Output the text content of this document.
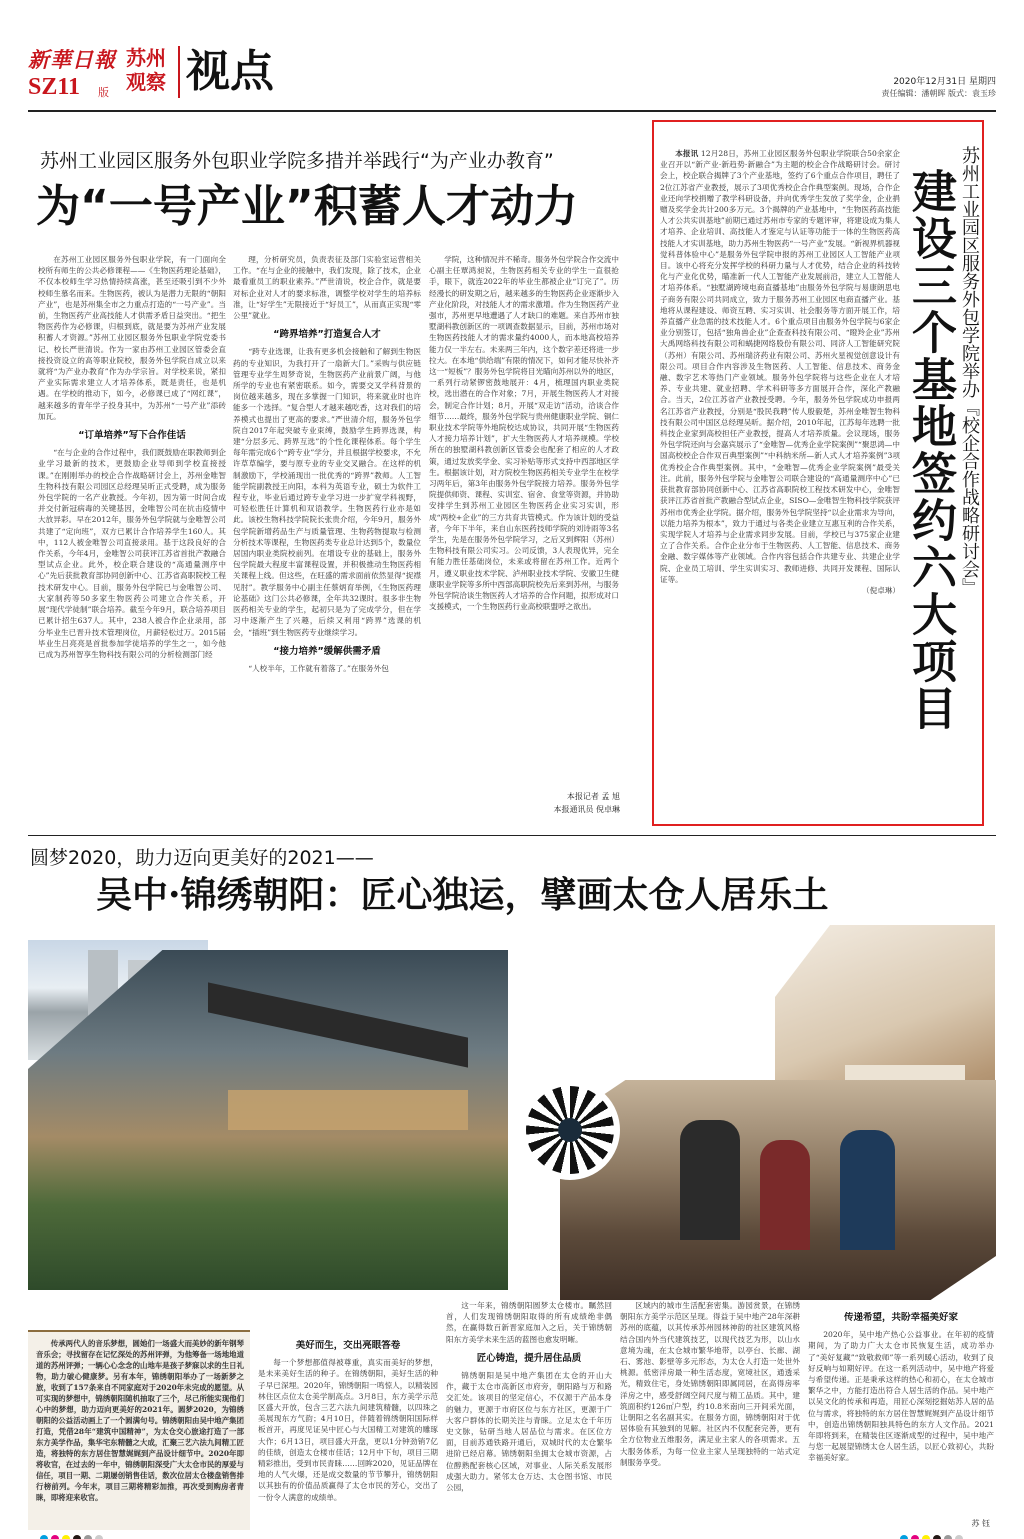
新華日報
SZ11 版
苏州
观察 视点	2020年12月31日 星期四
责任编辑：潘朝晖 版式：袁玉珍
苏州工业园区服务外包职业学院多措并举践行“为产业办教育”
为“一号产业”积蓄人才动力

在苏州工业园区服务外包职业学院，有一门面向全校所有师生的公共必修课程——《生物医药理论基础》，不仅本校师生学习热情持续高涨，甚至还吸引到不少外校师生慕名而来。生物医药，被认为是潜力无限的“朝阳产业”，也是苏州集全市之力重点打造的“一号产业”。当前，生物医药产业高技能人才供需矛盾日益突出。“把生物医药作为必修课，归根到底，就是要为苏州产业发展积蓄人才资源。”苏州工业园区服务外包职业学院党委书记、校长严世清说。作为一家由苏州工业园区管委会直接投资设立的高等职业院校，服务外包学院自成立以来就将“为产业办教育”作为办学宗旨。对学校来说，紧扣产业实际需求建立人才培养体系，既是责任，也是机遇。在学校的推动下，如今，必修课已成了“网红课”，越来越多的青年学子投身其中，为苏州“一号产业”添砖加瓦。

“订单培养”写下合作佳话

“在与企业的合作过程中，我们既鼓励在职教师到企业学习最新的技术，更鼓励企业导师到学校直接授课。”在刚刚举办的校企合作战略研讨会上，苏州金唯智生物科技有限公司园区总经理吴昕正式受聘，成为服务外包学院的一名产业教授。今年初，因为第一时间合成并交付新冠病毒的关键基因，金唯智公司在抗击疫情中大放异彩。早在2012年，服务外包学院就与金唯智公司共建了“定向班”，双方已累计合作培养学生160人。其中，112人被金唯智公司直接录用。基于这段良好的合作关系，今年4月，金唯智公司获评江苏省首批产教融合型试点企业。此外，校企联合建设的“高通量测序中心”先后获批教育部协同创新中心、江苏省高职院校工程技术研发中心。目前，服务外包学院已与金唯智公司、大家制药等50多家生物医药公司建立合作关系，开展“现代学徒制”联合培养。截至今年9月，联合培养项目已累计招生637人。其中，238人被合作企业录用，部分毕业生已晋升技术管理岗位，月薪轻松过万。2015届毕业生吕亮亮是首批参加学徒培养的学生之一，如今他已成为苏州智享生物科技有限公司的分析检测部门经

理，分析研究员，负责表征及部门实验室运营相关工作。“在与企业的接触中，我们发现，除了技术，企业最看重员工的职业素养。”严世清说，校企合作，就是要对标企业对人才的要求标准，调整学校对学生的培养标准，让“好学生”无限接近于“好员工”，从而真正实现“零公里”就业。

“跨界培养”打造复合人才

“跨专业选课，让我有更多机会接触和了解到生物医药的专业知识，为我打开了一扇新大门。”采购与供应链管理专业学生周梦奇说，生物医药产业前景广阔，与他所学的专业也有紧密联系。如今，需要交叉学科背景的岗位越来越多，现在多掌握一门知识，将来就业时也许能多一个选择。“复合型人才越来越吃香，这对我们的培养模式也提出了更高的要求。”严世清介绍，服务外包学院自2017年起突破专业束缚，鼓励学生跨界选课，构建“分层多元、跨界互选”的个性化课程体系。每个学生每年需完成6个“跨专业”学分，并且根据学校要求，不允许草草编学，要与原专业的专业交叉融合。在这样的机制激励下，学校涌现出一批优秀的“跨界”教师。人工智能学院副教授王向阳，本科为英语专业，硕士为软件工程专业，毕业后通过跨专业学习进一步扩宽学科视野，可轻松胜任计算机和双语教学。生物医药行业亦是如此。该校生物科技学院院长张贵介绍，今年9月，服务外包学院新增药品生产与质量管理、生物药物提取与检测分析技术等课程，生物医药类专业总计达到5个，数量位居国内职业类院校前列。在增设专业的基础上，服务外包学院最大程度丰富课程设置，并积极推动生物医药相关课程上线。但这些，在旺盛的需求面前依然显得“捉襟见肘”。教学服务中心副主任蔡炳育举例，《生物医药理论基础》这门公共必修课，全年共32课时。很多非生物医药相关专业的学生，起初只是为了完成学分，但在学习中逐渐产生了兴趣，后续又利用“跨界”选课的机会，“插班”到生物医药专业继续学习。

“接力培养”缓解供需矛盾

“人校半年，工作就有着落了。”在服务外包

学院，这种情况并不稀奇。服务外包学院合作交流中心副主任覃鸿昶说，生物医药相关专业的学生一直很抢手，眼下，就连2022年的毕业生都被企业“订完了”。历经漫长的研发期之后，越来越多的生物医药企业逐渐步入产业化阶段，对技能人才的需求激增。作为生物医药产业强市，苏州更早地遭遇了人才缺口的难题。来自苏州市独墅湖科教创新区的一项调查数据显示，目前，苏州市场对生物医药技能人才的需求量约4000人，而本地高校培养能力仅一半左右。未来两三年内，这个数字差还将进一步拉大。在本地“供给端”有限的情况下，如何才能尽快补齐这一“短板”？服务外包学院将目光瞄向苏州以外的地区，一系列行动紧锣密鼓地展开：4月，梳理国内职业类院校，选出潜在的合作对象；7月，开展生物医药人才对接会，制定合作计划；8月，开展“双走访”活动，洽谈合作细节……最终，服务外包学院与贵州健康职业学院、铜仁职业技术学院等外地院校达成协议，共同开展“生物医药人才接力培养计划”，扩大生物医药人才培养规模。学校所在的独墅湖科教创新区管委会也配套了相应的人才政策，通过发放奖学金、实习补贴等形式支持中西部地区学生。根据该计划，对方院校生物医药相关专业学生在校学习两年后，第3年由服务外包学院接力培养。服务外包学院提供师资、课程、实训室、宿舍、食堂等资源，并协助安排学生到苏州工业园区生物医药企业实习实训，形成“两校+企业”的三方共育共管模式。作为该计划的受益者，今年下半年，来自山东医药技师学院的刘诗雨等3名学生，先是在服务外包学院学习，之后又到辉阳（苏州）生物科技有限公司实习。公司反馈，3人表现优异，完全有能力胜任基础岗位，未来或将留在苏州工作。近两个月，遵义职业技术学院、泸州职业技术学院、安徽卫生健康职业学院等多所中西部高职院校先后来到苏州，与服务外包学院洽谈生物医药人才培养的合作问题，拟形成对口支援模式，一个生物医药行业高校联盟呼之欲出。

本报记者 孟 旭
本报通讯员 倪卓琳

本报讯 12月28日，苏州工业园区服务外包职业学院联合50余家企业召开以“新产业·新趋势·新融合”为主题的校企合作战略研讨会。研讨会上，校企联合揭牌了3个产业基地，签约了6个重点合作项目，聘任了2位江苏省产业教授，展示了3项优秀校企合作典型案例。现场，合作企业还向学校捐赠了教学科研设备，并向优秀学生发放了奖学金，企业捐赠及奖学金共计200多万元。3个揭牌的产业基地中，“生物医药高技能人才公共实训基地”前期已通过苏州市专家的专题评审，将建设成为集人才培养、企业培训、高技能人才鉴定与认证等功能于一体的生物医药高技能人才实训基地，助力苏州生物医药“一号产业”发展。“新视界机器视觉科普体验中心”是服务外包学院申报的苏州工业园区人工智能产业项目。该中心将充分发挥学校的科研力量与人才优势，结合企业的科技转化与产业化优势，瞄准新一代人工智能产业发展前沿，建立人工智能人才培养体系。“独墅湖跨境电商直播基地”由服务外包学院与易康朗思电子商务有限公司共同成立，致力于服务苏州工业园区电商直播产业。基地将从课程建设、师资互聘、实习实训、社会服务等方面开展工作，培养直播产业急需的技术技能人才。6个重点项目由服务外包学院与6家企业分别签订，包括“独角兽企业”企查查科技有限公司、“瞪羚企业”苏州大禹网络科技有限公司和蜗捷网络股份有限公司、同济人工智能研究院（苏州）有限公司、苏州瑞济药业有限公司、苏州火星视觉创意设计有限公司。项目合作内容涉及生物医药、人工智能、信息技术、商务金融、数字艺术等热门产业领域。服务外包学院将与这些企业在人才培养、专业共建、就业招聘、学术科研等多方面展开合作，深化产教融合。当天，2位江苏省产业教授受聘。今年，服务外包学院成功申报两名江苏省产业教授，分别是“股民我聘”传人殷毅楚，苏州金唯智生物科技有限公司中国区总经理吴昕。据介绍，2010年起，江苏每年选聘一批科技企业家到高校担任产业教授，提高人才培养质量。会议现场，服务外包学院还向与会嘉宾展示了“金唯智—优秀企业学院案例”“聚思鸿—中国高校校企合作双百典型案例”“中科纳米所—新人式人才培养案例”3项优秀校企合作典型案例。其中，“金唯智—优秀企业学院案例”最受关注。此前，服务外包学院与金唯智公司联合建设的“高通量测序中心”已获批教育部协同创新中心、江苏省高职院校工程技术研发中心，金唯智获评江苏省首批产教融合型试点企业，SISO—金唯智生物科技学院获评苏州市优秀企业学院。据介绍，服务外包学院坚持“以企业需求为导向，以能力培养为根本”，致力于通过与各类企业建立互惠互利的合作关系，实现学院人才培养与企业需求同步发展。目前，学校已与375家企业建立了合作关系。合作企业分布于生物医药、人工智能、信息技术、商务金融、数字媒体等产业领域。合作内容包括合作共建专业、共建企业学院、企业员工培训、学生实训实习、教师进修、共同开发课程、国际认证等。

（倪卓琳）	苏州工业园区服务外包学院举办『校企合作战略研讨会』
建设三个基地签约六大项目
圆梦2020，助力迈向更美好的2021——
吴中·锦绣朝阳：匠心独运，擘画太仓人居乐土

传承两代人的音乐梦想，圆她们一场盛大而美妙的新年钢琴音乐会；寻找留存在记忆深处的苏州评弹，为他筹备一场地地道道的苏州评弹；一辆心心念念的山地车是孩子梦寐以求的生日礼物，助力破心健康梦。另有本年，锦绣朝阳举办了一场新梦之旅，收到了157条来自不同家庭对于2020年未完成的愿望。从可实现的梦想中，锦绣朝阳随机抽取了三个，尽己所能实现他们心中的梦想，助力迈向更美好的2021年。圆梦2020，为锦绣朝阳的公益活动画上了一个圆满句号。锦绣朝阳由吴中地产集团打造，凭借28年“建筑中国精神”，为太仓交心旅途打造了一部东方美学作品，集华宅东精髓之大成，汇聚三艺六法九间精工匠造，将独特的东方居住智慧娓娓到产品设计细节中。2020年即将收官，在过去的一年中，锦绣朝阳深受广大太仓市民的厚爱与信任，项目一期、二期屡创销售佳话，数次位居太仓楼盘销售排行榜前列。今年末，项目三期将精彩加推，再次受到购房者青睐，即将迎来收官。

美好而生，交出亮眼答卷

每一个梦想都值得被尊重，真实而美好的梦想，是未来美好生活的种子。在锦绣朝阳，美好生活的种子早已深埋。2020年，锦绣朝阳一鸣惊人，以精装园林住区点位太仓美学制高点。3月8日，东方美学示范区盛大开放，包含三艺六法九间建筑精髓，以四珠之美展现东方气韵；4月10日，伴随着锦绣朝阳国际样板首开，再度见证吴中匠心与大国精工对建筑的雕琢大作；6月13日，项目盛大开盘，更以1分钟劲销7亿的佳绩，创造太仓楼市佳话；12月中下旬，项目三期精彩推出，受到市民青睐……回眸2020，见证品牌在地的人气火爆，还是成交数量的节节攀升，锦绣朝阳以其独有的价值品质赢得了太仓市民的芳心，交出了一份令人满意的成绩单。

这一年来，锦绣朝阳圆梦太仓楼市。瞩然回首，人们发现锦绣朝阳取得的所有成绩绝非偶然，在赢得数百新晋家庭加入之后，关于锦绣朝阳东方美学未来生活的蓝图也愈发明晰。

匠心铸造，提升居住品质

锦绣朝阳是吴中地产集团在太仓的开山大作，藏于太仓市高新区市府旁，朝阳路与万和路交汇处。该项目的坚定信心，不仅源于产品本身的魅力，更源于市府区位与东方社区，更源于广大客户群体的长期关注与青睐。立足太仓千年历史文脉，钻研当地人居品位与需求。在区位方面，目前苏通铁路开通后，双城时代的太仓繁华进阶已经启幕。锦绣朝阳坐拥太仓城市资源，占位醇熟配套核心区域，对事业、人际关系发展形成强大助力。紧邻太仓万达、太仓图书馆、市民公园，

区域内的城市生活配套密集。游园赏景，在锦绣朝阳东方美学示范区呈现。得益于吴中地产28年深耕苏州的底蕴，以其传承苏州园林神韵的社区建筑风格结合国内外当代建筑技艺，以现代技艺为形，以山水意境为魂，在太仓城市繁华地带，以亭台、长廊、湖石、雾池、影壁等多元形态，为太仓人打造一处世外桃源。低密洋房最一种生活态度，宽境社区，通透采光，精致住宅，身处锦绣朝阳即属同居，在高得房率洋房之中，感受舒阔空间尺度与精工品质。其中，建筑面积约126㎡户型，约10.8米南向三开间采光面，让朝阳之名名副其实。在服务方面，锦绣朝阳对于优居体验有其独到的见解。社区内不仅配套完善，更有全方位物业五维服务，满足业主家人的各项需求。五大服务体系，为每一位业主家人呈现独特的一站式定制服务享受。

传递希望，共盼幸福美好家

2020年，吴中地产热心公益事业。在年初的疫情期间，为了助力广大太仓市民恢复生活，成功举办了“美好复藏”“致敬救师”等一系列暖心活动，收到了良好反响与如期好评。在这一系列活动中，吴中地产将爱与希望传递。正是秉承这样的热心和初心，在太仓城市繁华之中，方能打造出符合人居生活的作品。吴中地产以吴文化的传承和再造，用匠心深刻挖掘姑苏人居的品位与需求，将独特的东方居住智慧娓娓到产品设计细节中，创造出锦绣朝阳独具特色的东方人文作品。2021年即将到来，在精装住区逐渐成型的过程中，吴中地产与您一起展望锦绣太仓人居生活，以匠心致初心，共盼幸福美好家。

苏 钰
